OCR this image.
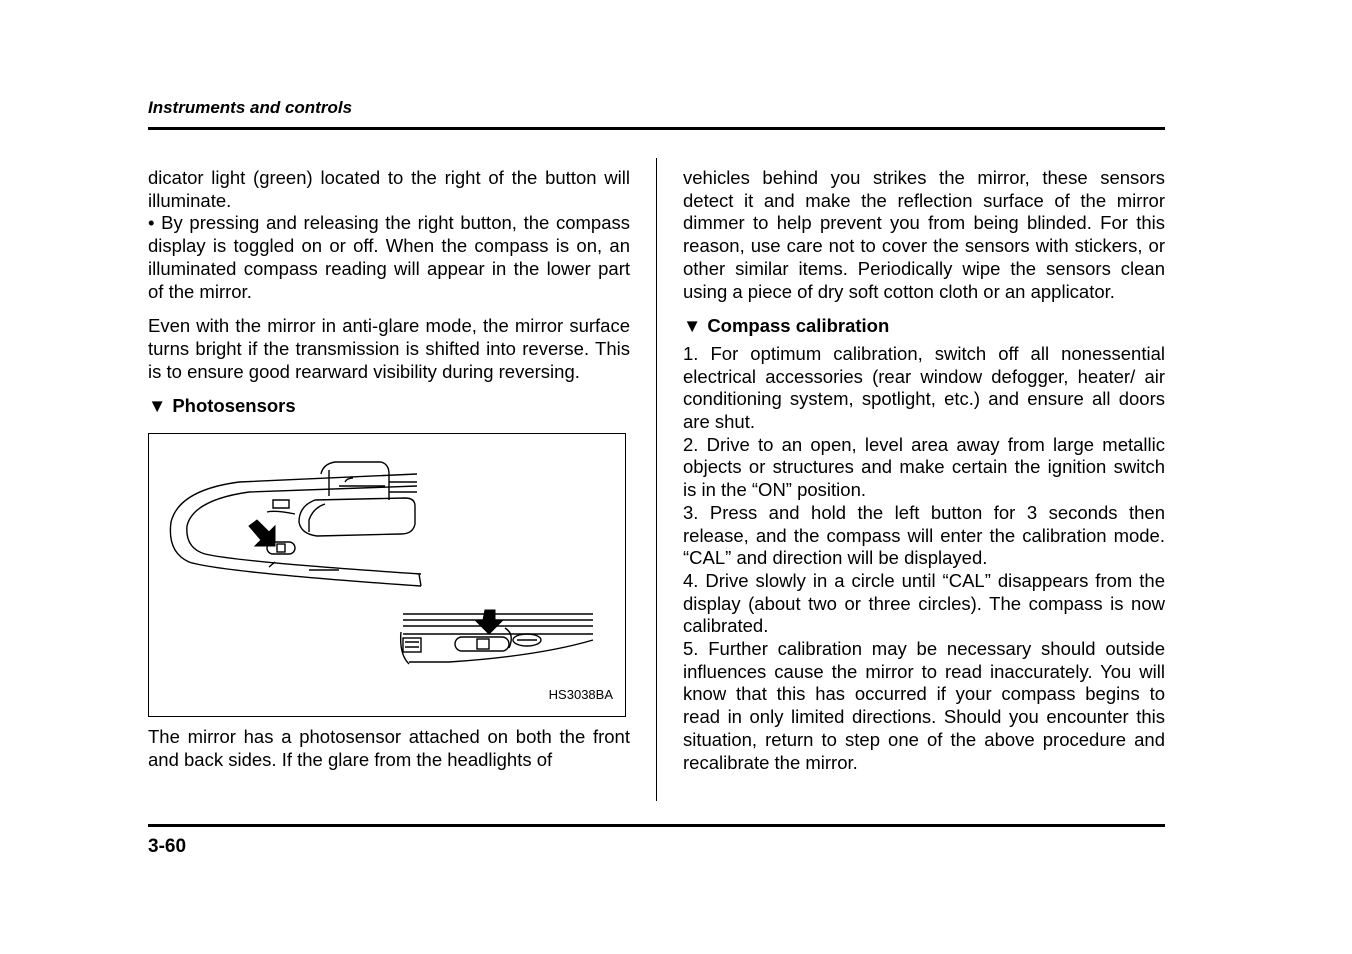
Instruments and controls

dicator light (green) located to the right of the button will illuminate.

• By pressing and releasing the right button, the compass display is toggled on or off. When the compass is on, an illuminated compass reading will appear in the lower part of the mirror.

Even with the mirror in anti-glare mode, the mirror surface turns bright if the transmission is shifted into reverse. This is to ensure good rearward visibility during reversing.

▼ Photosensors

HS3038BA

The mirror has a photosensor attached on both the front and back sides. If the glare from the headlights of

vehicles behind you strikes the mirror, these sensors detect it and make the reflection surface of the mirror dimmer to help prevent you from being blinded. For this reason, use care not to cover the sensors with stickers, or other similar items. Periodically wipe the sensors clean using a piece of dry soft cotton cloth or an applicator.

▼ Compass calibration

1. For optimum calibration, switch off all nonessential electrical accessories (rear window defogger, heater/ air conditioning system, spotlight, etc.) and ensure all doors are shut.

2. Drive to an open, level area away from large metallic objects or structures and make certain the ignition switch is in the “ON” position.

3. Press and hold the left button for 3 seconds then release, and the compass will enter the calibration mode. “CAL” and direction will be displayed.

4. Drive slowly in a circle until “CAL” disappears from the display (about two or three circles). The compass is now calibrated.

5. Further calibration may be necessary should outside influences cause the mirror to read inaccurately. You will know that this has occurred if your compass begins to read in only limited directions. Should you encounter this situation, return to step one of the above procedure and recalibrate the mirror.

3-60
